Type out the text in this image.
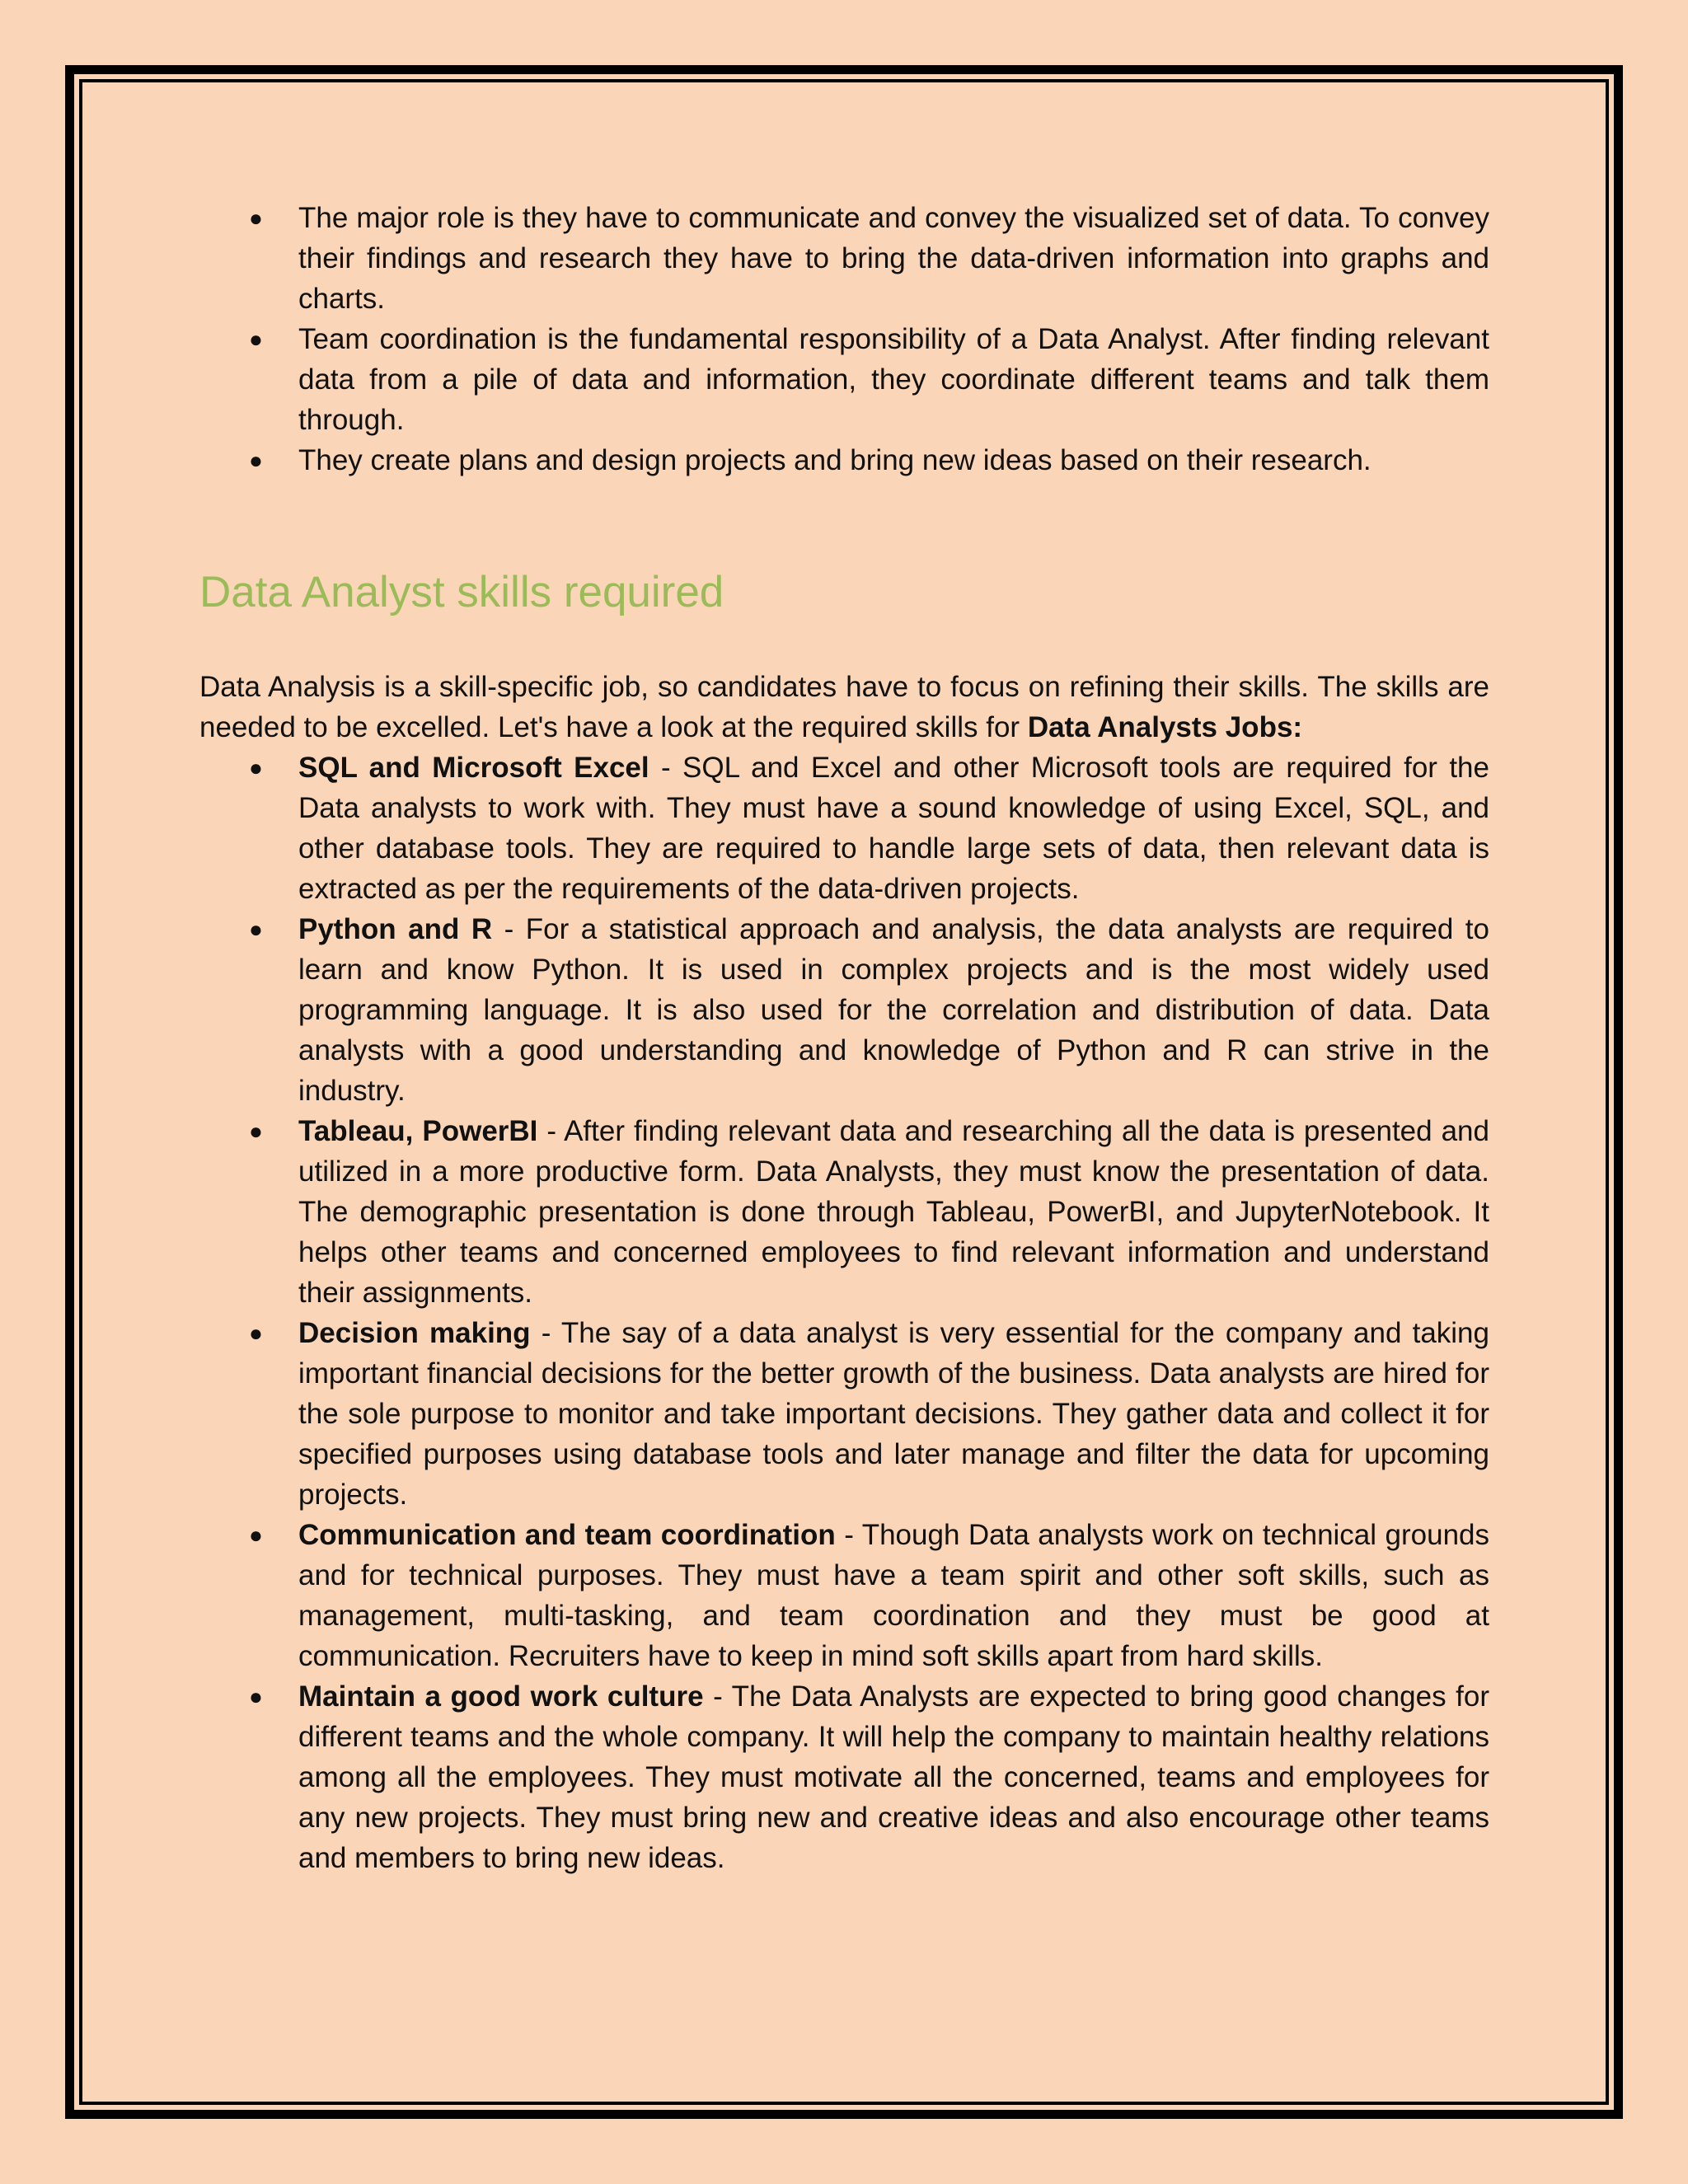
● The major role is they have to communicate and convey the visualized set of data. To convey their findings and research they have to bring the data-driven information into graphs and charts.
● Team coordination is the fundamental responsibility of a Data Analyst. After finding relevant data from a pile of data and information, they coordinate different teams and talk them through.
● They create plans and design projects and bring new ideas based on their research.
Data Analyst skills required

Data Analysis is a skill-specific job, so candidates have to focus on refining their skills. The skills are needed to be excelled. Let's have a look at the required skills for Data Analysts Jobs:

● SQL and Microsoft Excel - SQL and Excel and other Microsoft tools are required for the Data analysts to work with. They must have a sound knowledge of using Excel, SQL, and other database tools. They are required to handle large sets of data, then relevant data is extracted as per the requirements of the data-driven projects.
● Python and R - For a statistical approach and analysis, the data analysts are required to learn and know Python. It is used in complex projects and is the most widely used programming language. It is also used for the correlation and distribution of data. Data analysts with a good understanding and knowledge of Python and R can strive in the industry.
● Tableau, PowerBI - After finding relevant data and researching all the data is presented and utilized in a more productive form. Data Analysts, they must know the presentation of data. The demographic presentation is done through Tableau, PowerBI, and JupyterNotebook. It helps other teams and concerned employees to find relevant information and understand their assignments.
● Decision making - The say of a data analyst is very essential for the company and taking important financial decisions for the better growth of the business. Data analysts are hired for the sole purpose to monitor and take important decisions. They gather data and collect it for specified purposes using database tools and later manage and filter the data for upcoming projects.
● Communication and team coordination - Though Data analysts work on technical grounds and for technical purposes. They must have a team spirit and other soft skills, such as management, multi-tasking, and team coordination and they must be good at communication. Recruiters have to keep in mind soft skills apart from hard skills.
● Maintain a good work culture - The Data Analysts are expected to bring good changes for different teams and the whole company. It will help the company to maintain healthy relations among all the employees. They must motivate all the concerned, teams and employees for any new projects. They must bring new and creative ideas and also encourage other teams and members to bring new ideas.
